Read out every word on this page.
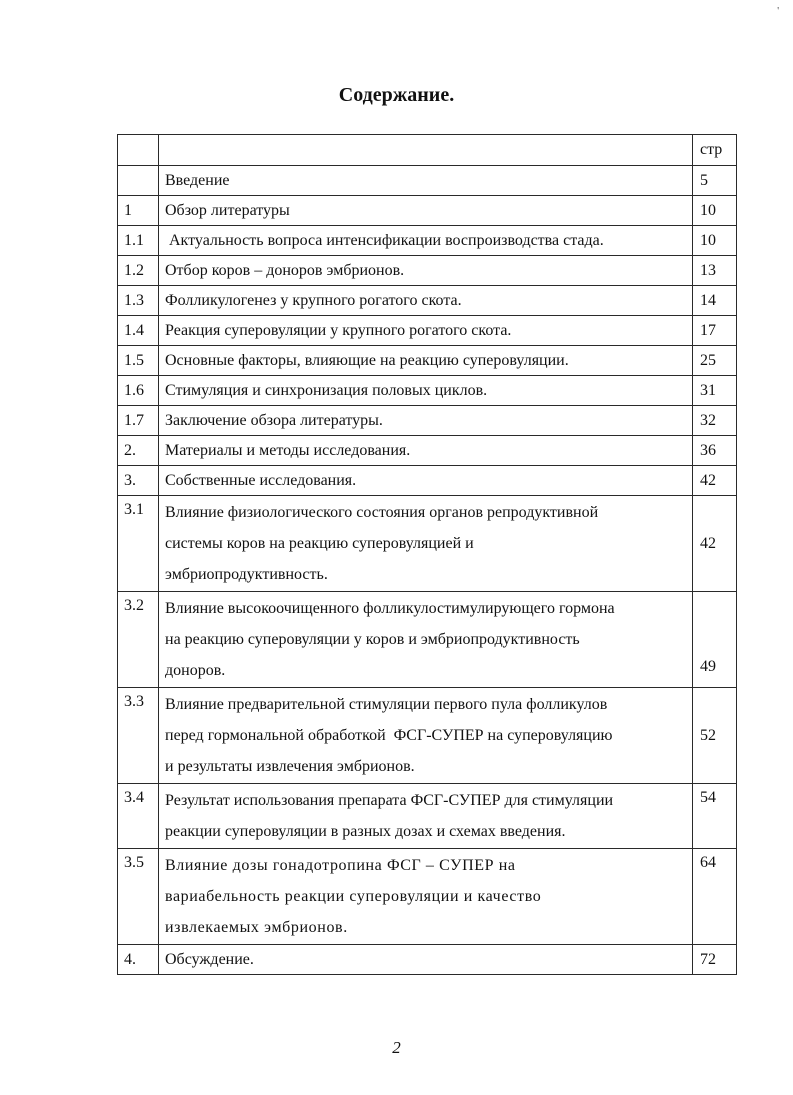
'
Содержание.
		стр
	Введение	5
1	Обзор литературы	10
1.1	Актуальность вопроса интенсификации воспроизводства стада.	10
1.2	Отбор коров – доноров эмбрионов.	13
1.3	Фолликулогенез у крупного рогатого скота.	14
1.4	Реакция суперовуляции у крупного рогатого скота.	17
1.5	Основные факторы, влияющие на реакцию суперовуляции.	25
1.6	Стимуляция и синхронизация половых циклов.	31
1.7	Заключение обзора литературы.	32
2.	Материалы и методы исследования.	36
3.	Собственные исследования.	42
3.1	Влияние физиологического состояния органов репродуктивной
системы коров на реакцию суперовуляцией и
эмбриопродуктивность.	42
3.2	Влияние высокоочищенного фолликулостимулирующего гормона
на реакцию суперовуляции у коров и эмбриопродуктивность
доноров.	49
3.3	Влияние предварительной стимуляции первого пула фолликулов
перед гормональной обработкой  ФСГ-СУПЕР на суперовуляцию
и результаты извлечения эмбрионов.	52
3.4	Результат использования препарата ФСГ-СУПЕР для стимуляции
реакции суперовуляции в разных дозах и схемах введения.	54
3.5	Влияние дозы гонадотропина ФСГ – СУПЕР на
вариабельность реакции суперовуляции и качество
извлекаемых эмбрионов.	64
4.	Обсуждение.	72
2
